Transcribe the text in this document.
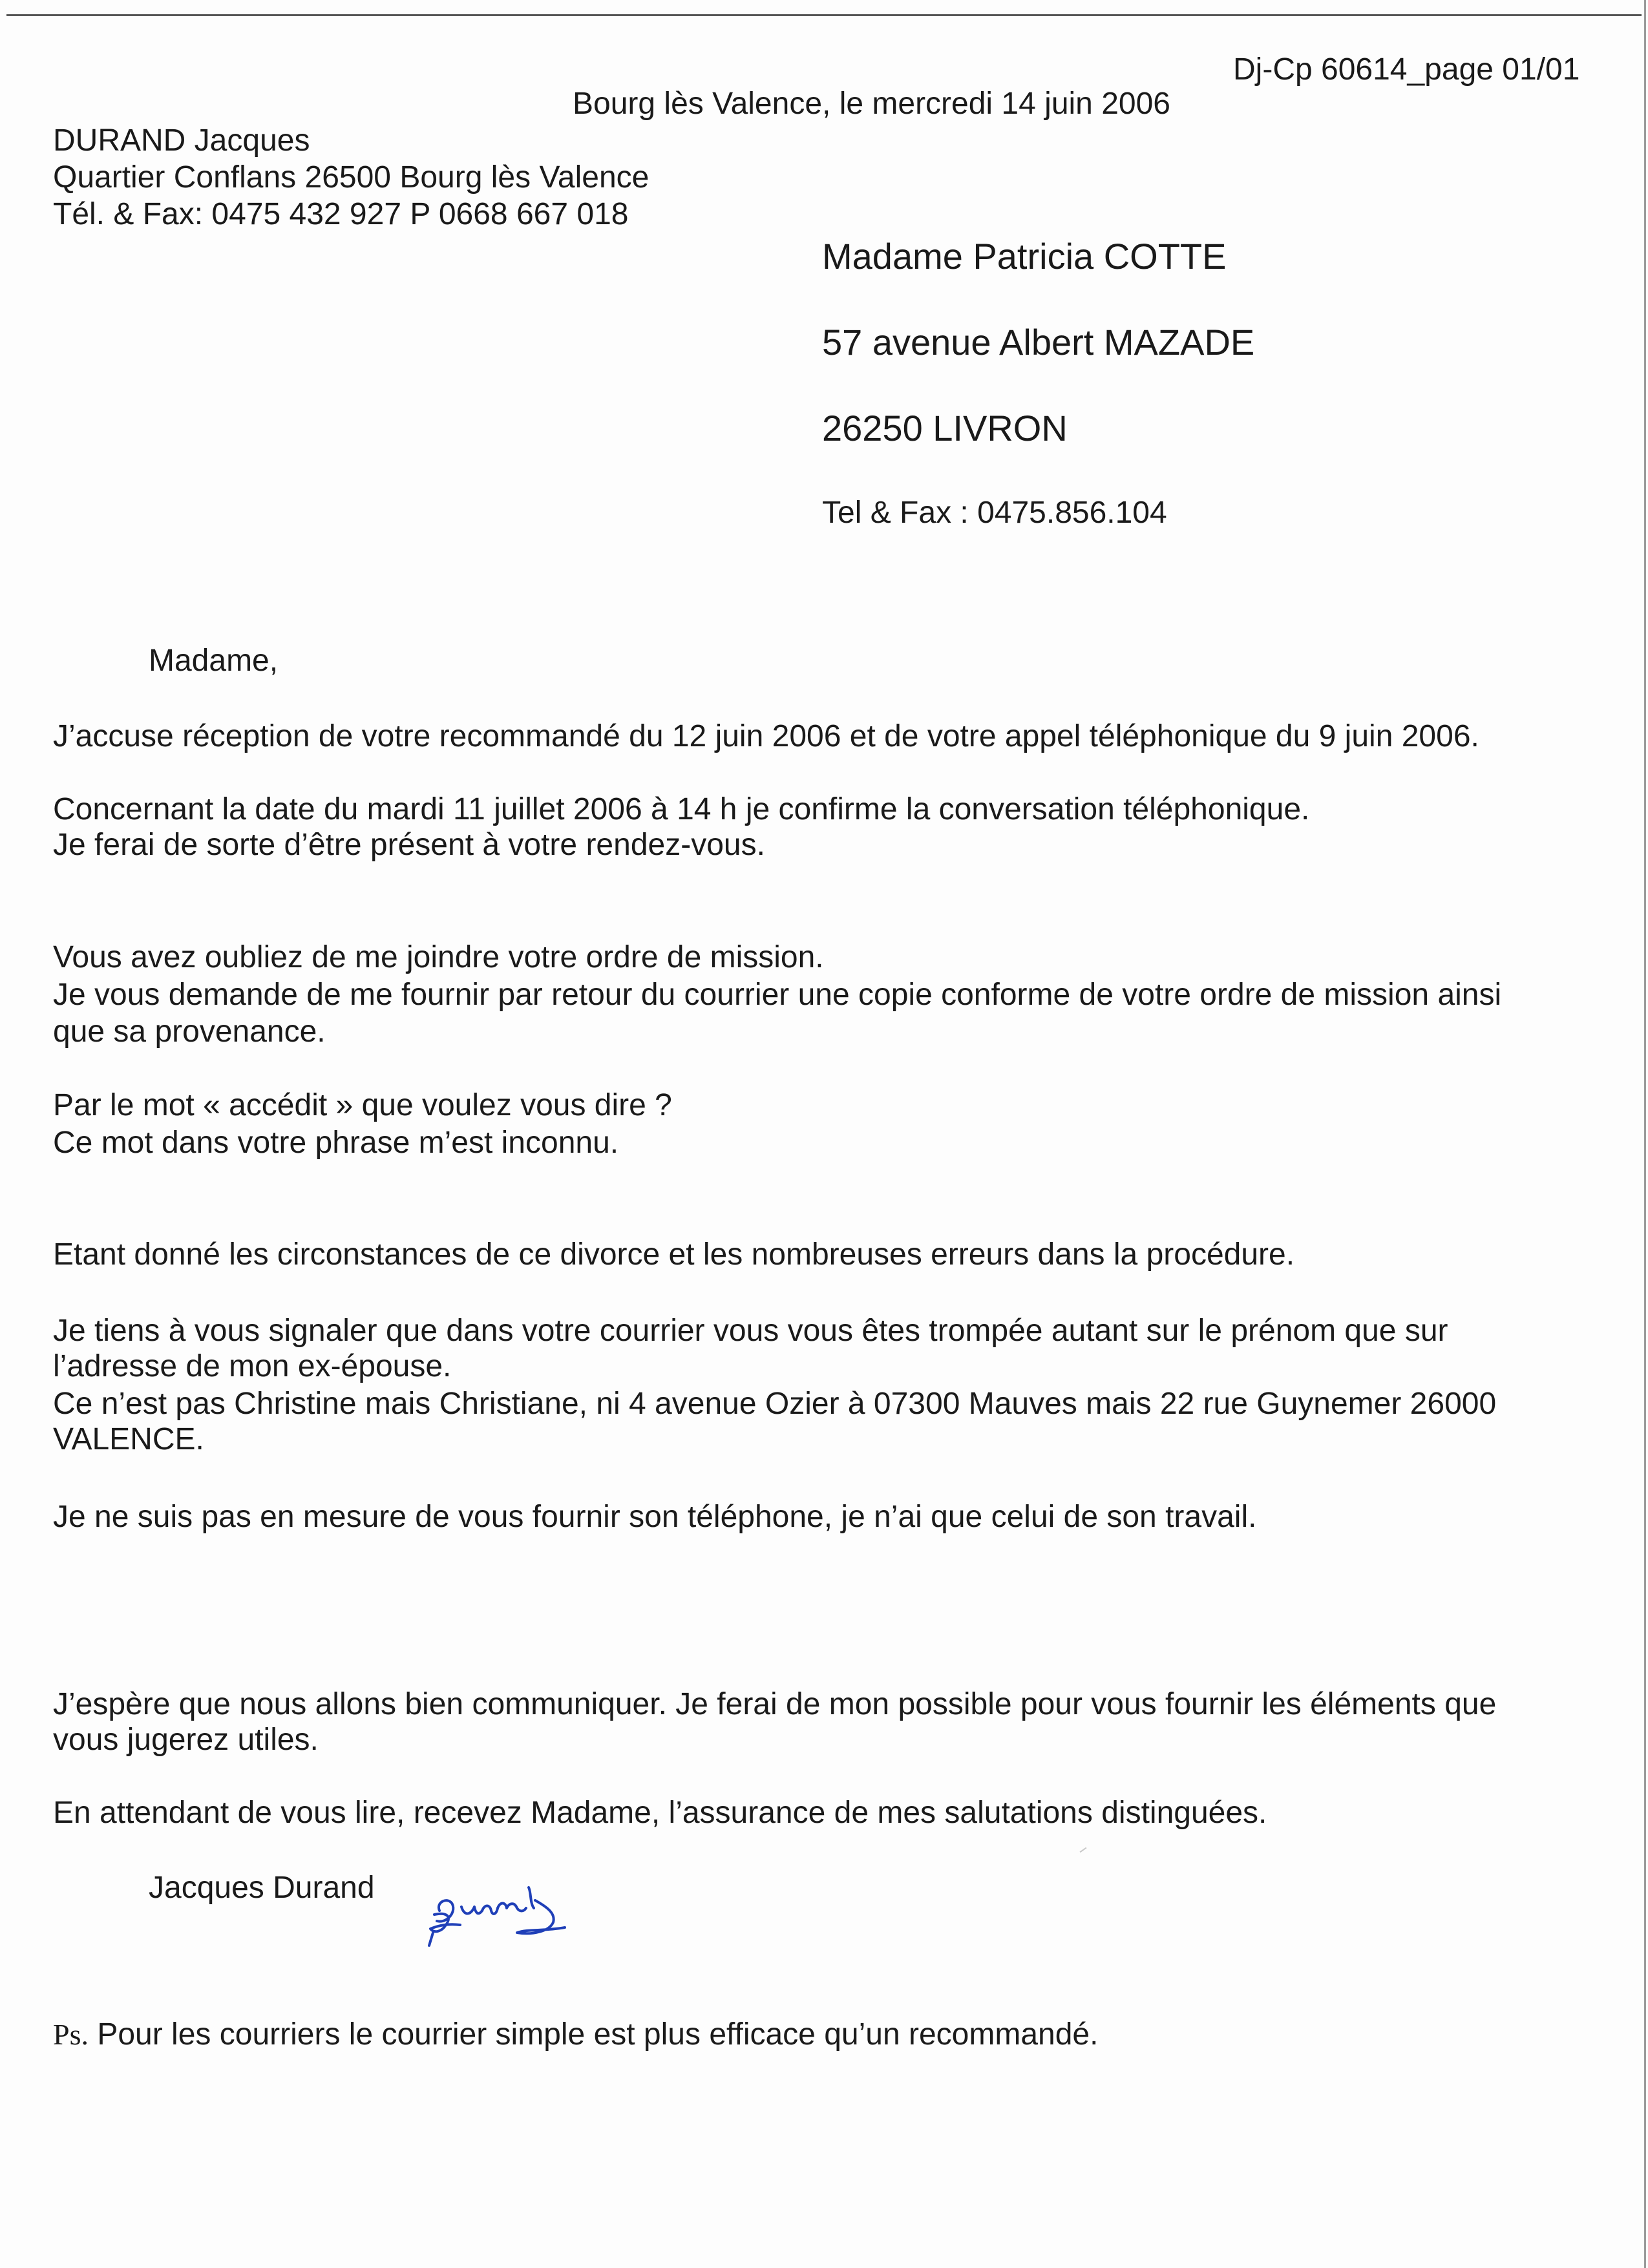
Dj-Cp 60614_page 01/01
Bourg lès Valence, le mercredi 14 juin 2006
DURAND Jacques
Quartier Conflans 26500 Bourg lès Valence
Tél. & Fax: 0475 432 927 P 0668 667 018
Madame Patricia COTTE
57 avenue Albert MAZADE
26250 LIVRON
Tel & Fax : 0475.856.104
Madame,
J’accuse réception de votre recommandé du 12 juin 2006 et de votre appel téléphonique du 9 juin 2006.
Concernant la date du mardi 11 juillet 2006 à 14 h je confirme la conversation téléphonique.
Je ferai de sorte d’être présent à votre rendez-vous.
Vous avez oubliez de me joindre votre ordre de mission.
Je vous demande de me fournir par retour du courrier une copie conforme de votre ordre de mission ainsi
que sa provenance.
Par le mot « accédit » que voulez vous dire ?
Ce mot dans votre phrase m’est inconnu.
Etant donné les circonstances de ce divorce et les nombreuses erreurs dans la procédure.
Je tiens à vous signaler que dans votre courrier vous vous êtes trompée autant sur le prénom que sur
l’adresse de mon ex-épouse.
Ce n’est pas Christine mais Christiane, ni 4 avenue Ozier à 07300 Mauves mais 22 rue Guynemer 26000
VALENCE.
Je ne suis pas en mesure de vous fournir son téléphone, je n’ai que celui de son travail.
J’espère que nous allons bien communiquer. Je ferai de mon possible pour vous fournir les éléments que
vous jugerez utiles.
En attendant de vous lire, recevez Madame, l’assurance de mes salutations distinguées.
Jacques Durand
Ps. Pour les courriers le courrier simple est plus efficace qu’un recommandé.
